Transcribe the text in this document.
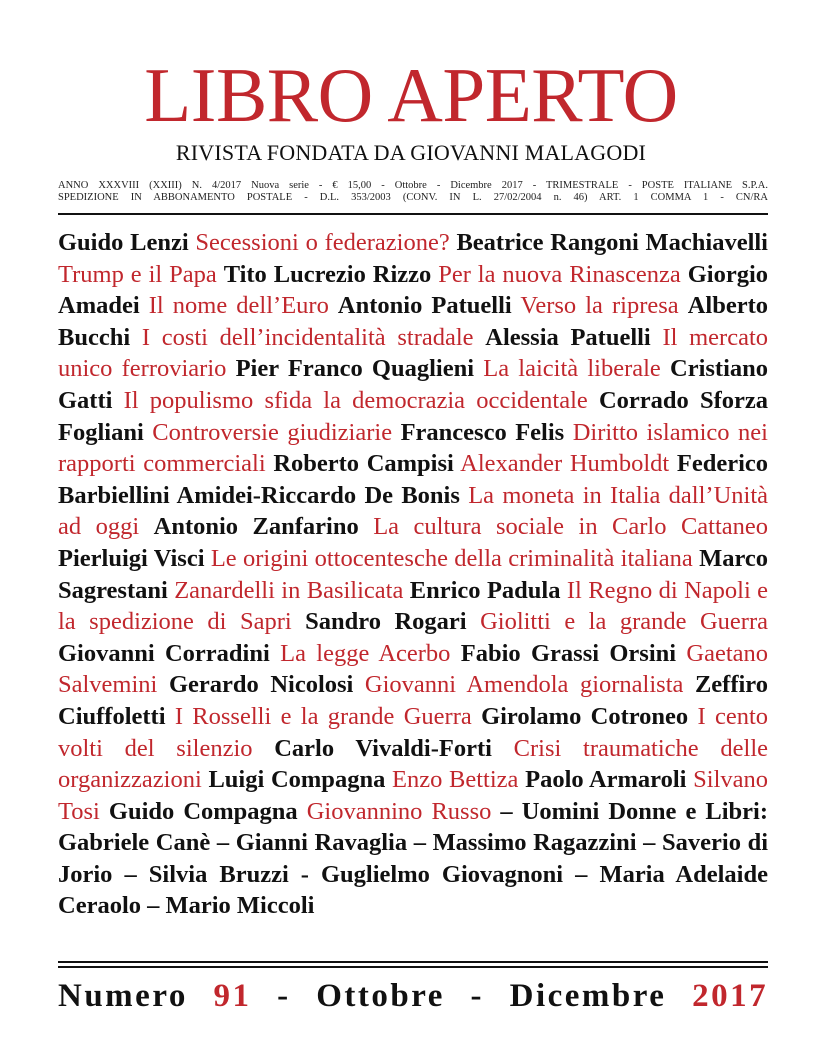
LIBRO APERTO
RIVISTA FONDATA DA GIOVANNI MALAGODI
ANNO XXXVIII (XXIII) N. 4/2017 Nuova serie - € 15,00 - Ottobre - Dicembre 2017 - TRIMESTRALE - POSTE ITALIANE S.P.A.
SPEDIZIONE IN ABBONAMENTO POSTALE - D.L. 353/2003 (CONV. IN L. 27/02/2004 n. 46) ART. 1 COMMA 1 - CN/RA
Guido Lenzi Secessioni o federazione? Beatrice Rangoni Machiavelli Trump e il Papa Tito Lucrezio Rizzo Per la nuova Rinascenza Giorgio Amadei Il nome dell’Euro Antonio Patuelli Verso la ripresa Alberto Bucchi I costi dell’incidentalità stradale Alessia Patuelli Il mercato unico ferroviario Pier Franco Quaglieni La laicità liberale Cristiano Gatti Il populismo sfida la democrazia occidentale Corrado Sforza Fogliani Controversie giudiziarie Francesco Felis Diritto islamico nei rapporti commerciali Roberto Campisi Alexander Humboldt Federico Barbiellini Amidei-Riccardo De Bonis La moneta in Italia dall’Unità ad oggi Antonio Zanfarino La cultura sociale in Carlo Cattaneo Pierluigi Visci Le origini ottocentesche della criminalità italiana Marco Sagrestani Zanardelli in Basilicata Enrico Padula Il Regno di Napoli e la spedizione di Sapri Sandro Rogari Giolitti e la grande Guerra Giovanni Corradini La legge Acerbo Fabio Grassi Orsini Gaetano Salvemini Gerardo Nicolosi Giovanni Amendola giornalista Zeffiro Ciuffoletti I Rosselli e la grande Guerra Girolamo Cotroneo I cento volti del silenzio Carlo Vivaldi-Forti Crisi traumatiche delle organizzazioni Luigi Compagna Enzo Bettiza Paolo Armaroli Silvano Tosi Guido Compagna Giovannino Russo – Uomini Donne e Libri: Gabriele Canè – Gianni Ravaglia – Massimo Ragazzini – Saverio di Jorio – Silvia Bruzzi - Guglielmo Giovagnoni – Maria Adelaide Ceraolo – Mario Miccoli
Numero 91 - Ottobre - Dicembre 2017
